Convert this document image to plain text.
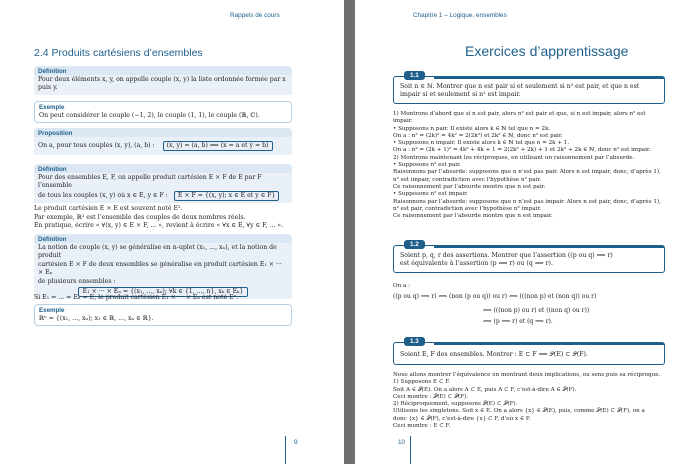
Rappels de cours
2.4 Produits cartésiens d’ensembles
Définition
Pour deux éléments x, y, on appelle couple (x, y) la liste ordonnée formée par x
puis y.
Exemple
On peut considérer le couple (−1, 2), le couple (1, 1), le couple (ℝ, ℂ).
Proposition
On a, pour tous couples (x, y), (a, b) : (x, y) = (a, b) ⟺ (x = a et y = b)
Définition
Pour des ensembles E, F, on appelle produit cartésien E × F de E par F l’ensemble
de tous les couples (x, y) où x ∈ E, y ∈ F : E × F = {(x, y); x ∈ E et y ∈ F}
Le produit cartésien E × E est souvent noté E².
Par exemple, ℝ² est l’ensemble des couples de deux nombres réels.
En pratique, écrire « ∀(x, y) ∈ E × F, ... », revient à écrire « ∀x ∈ E, ∀y ∈ F, ... ».
Définition
La notion de couple (x, y) se généralise en n-uplet (x₁, ..., xₙ), et la notion de produit
cartésien E × F de deux ensembles se généralise en produit cartésien E₁ × ··· × Eₙ
de plusieurs ensembles :
E₁ × ··· × Eₙ = {(x₁, ..., xₙ); ∀k ∈ {1, ..., n}, xₖ ∈ Eₖ}
Si E₁ = ... = Eₙ = E, le produit cartésien E₁ × ··· × Eₙ est noté Eⁿ.
Exemple
ℝⁿ = {(x₁, ..., xₙ); x₁ ∈ ℝ, ..., xₙ ∈ ℝ}.
9
Chapitre 1 – Logique, ensembles
Exercices d’apprentissage
1.1
Soit n ∈ ℕ. Montrer que n est pair si et seulement si n² est pair, et que n est
impair si et seulement si n² est impair.
1) Montrons d’abord que si n est pair, alors n² est pair et que, si n est impair, alors n² est
impair.
• Supposons n pair. Il existe alors k ∈ ℕ tel que n = 2k.
On a : n² = (2k)² = 4k² = 2(2k²) et 2k² ∈ ℕ, donc n² est pair.
• Supposons n impair. Il existe alors k ∈ ℕ tel que n = 2k + 1.
On a : n² = (2k + 1)² = 4k² + 4k + 1 = 2(2k² + 2k) + 1 et 2k² + 2k ∈ ℕ, donc n² est impair.
2) Montrons maintenant les réciproques, en utilisant un raisonnement par l’absurde.
• Supposons n² est pair.
Raisonnons par l’absurde: supposons que n n’est pas pair. Alors n est impair, donc, d’après 1),
n² est impair, contradiction avec l’hypothèse n² pair.
Ce raisonnement par l’absurde montre que n est pair.
• Supposons n² est impair.
Raisonnons par l’absurde: supposons que n n’est pas impair. Alors n est pair, donc, d’après 1),
n² est pair, contradiction avec l’hypothèse n² impair.
Ce raisonnement par l’absurde montre que n est impair.
1.2
Soient p, q, r des assertions. Montrer que l’assertion ((p ou q) ⟹ r)
est équivalente à l’assertion (p ⟹ r) ou (q ⟹ r).
On a :
((p ou q) ⟹ r) ⟺ (non (p ou q)) ou r) ⟺ (((non p) et (non q)) ou r)
⟺ (((non p) ou r) et ((non q) ou r))
⟺ (p ⟹ r) et (q ⟹ r).
1.3
Soient E, F des ensembles. Montrer : E ⊂ F ⟺ 𝒫(E) ⊂ 𝒫(F).
Nous allons montrer l’équivalence en montrant deux implications, ou sens puis sa réciproque.
1) Supposons E ⊂ F.
Soit A ∈ 𝒫(E). On a alors A ⊂ E, puis A ⊂ F, c’est-à-dire A ∈ 𝒫(F).
Ceci montre : 𝒫(E) ⊂ 𝒫(F).
2) Réciproquement, supposons 𝒫(E) ⊂ 𝒫(F).
Utilisons les singletons. Soit x ∈ E. On a alors {x} ∈ 𝒫(E), puis, comme 𝒫(E) ⊂ 𝒫(F), on a
donc {x} ∈ 𝒫(F), c’est-à-dire {x} ⊂ F, d’où x ∈ F.
Ceci montre : E ⊂ F.
10
